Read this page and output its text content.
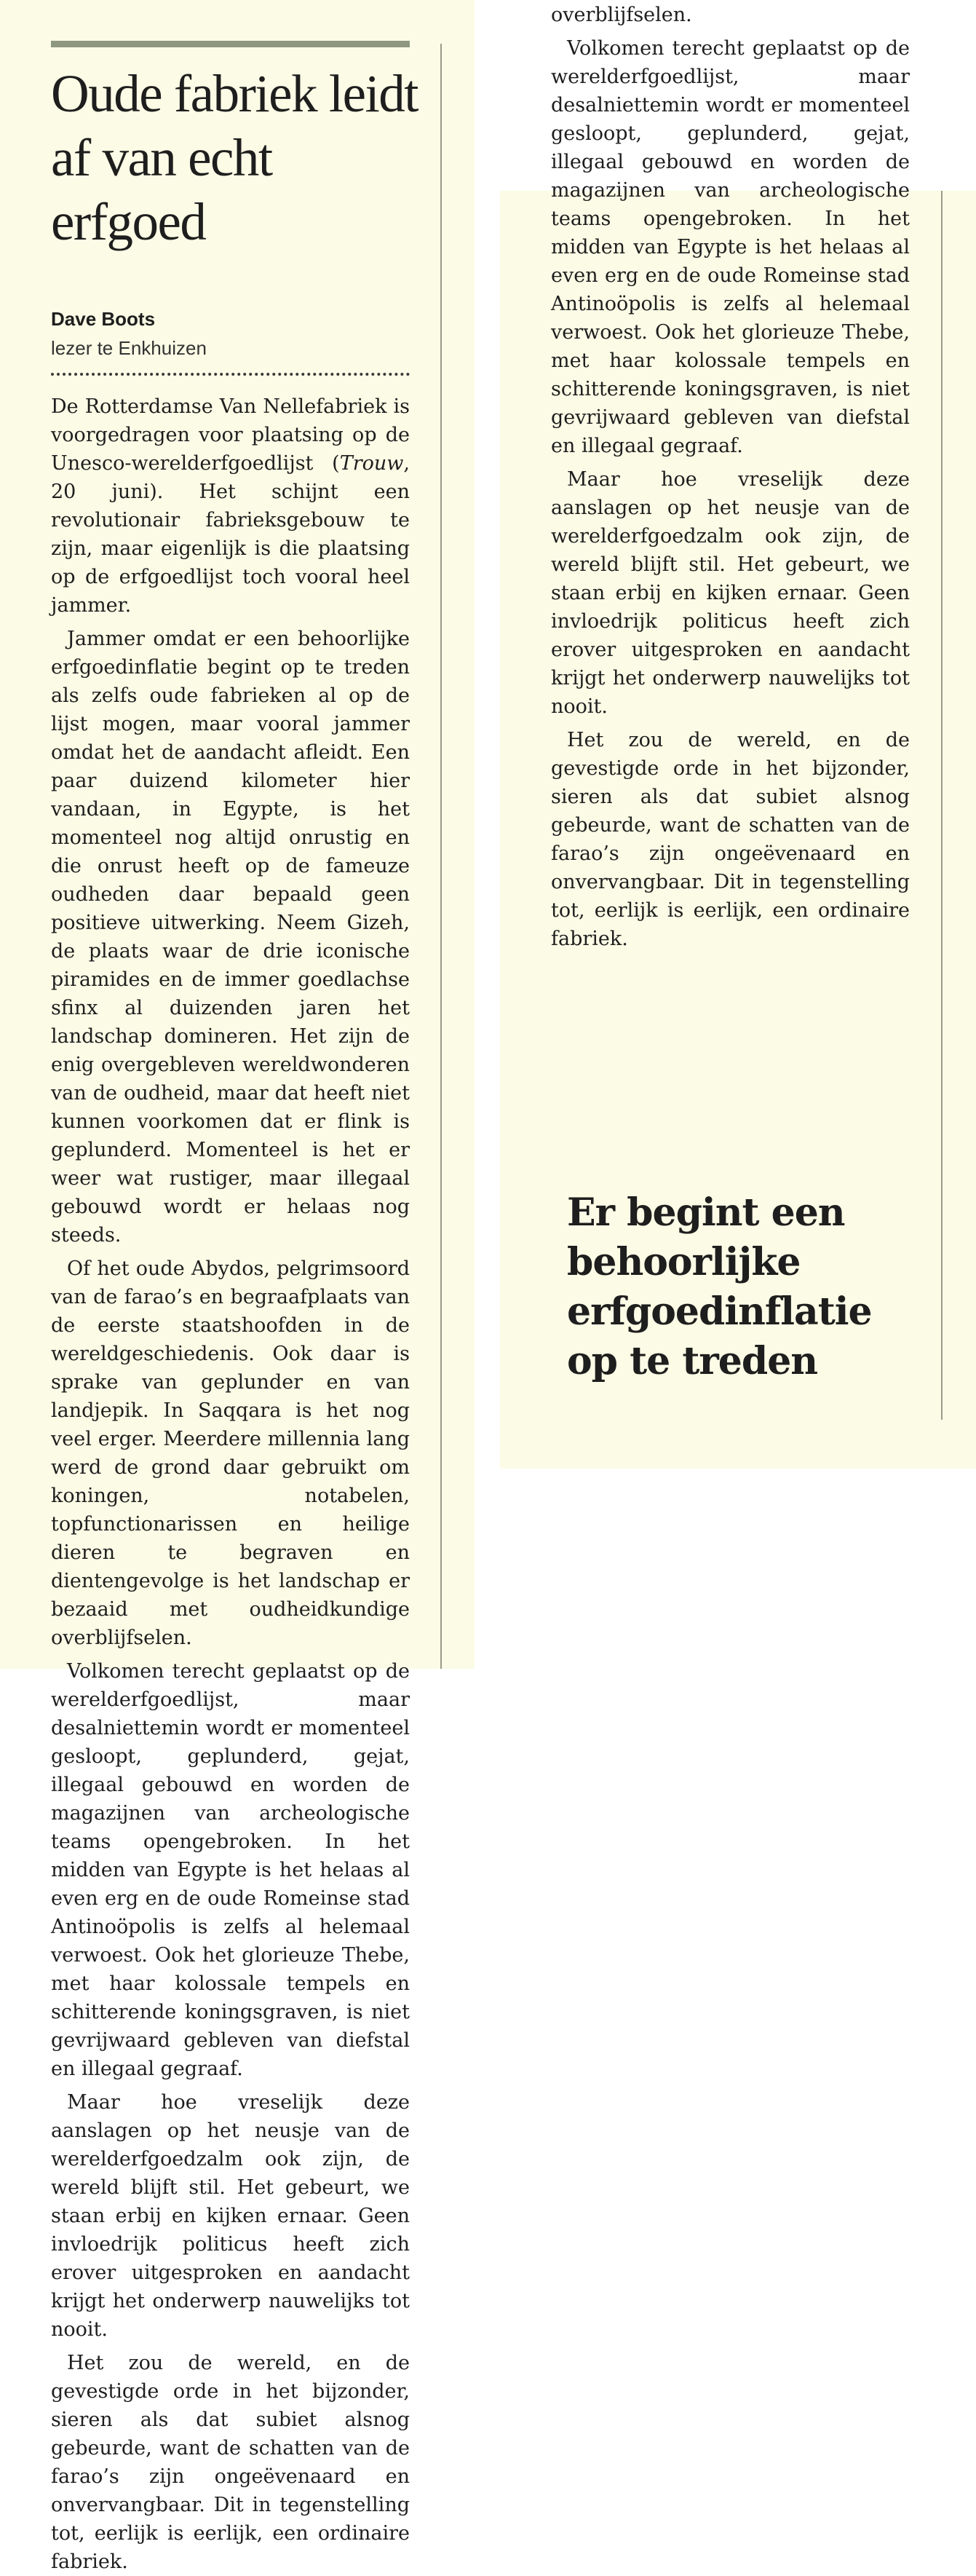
Oude fabriek leidt af van echt erfgoed
Dave Boots
lezer te Enkhuizen

De Rotterdamse Van Nellefabriek is voorgedragen voor plaatsing op de Unesco-werelderfgoedlijst (Trouw, 20 juni). Het schijnt een revolutionair fabrieksgebouw te zijn, maar eigenlijk is die plaatsing op de erfgoedlijst toch vooral heel jammer.

Jammer omdat er een behoorlijke erfgoedinflatie begint op te treden als zelfs oude fabrieken al op de lijst mogen, maar vooral jammer omdat het de aandacht afleidt. Een paar duizend kilometer hier vandaan, in Egypte, is het momenteel nog altijd onrustig en die onrust heeft op de fameuze oudheden daar bepaald geen positieve uitwerking. Neem Gizeh, de plaats waar de drie iconische piramides en de immer goedlachse sfinx al duizenden jaren het landschap domineren. Het zijn de enig overgebleven wereldwonderen van de oudheid, maar dat heeft niet kunnen voorkomen dat er flink is geplunderd. Momenteel is het er weer wat rustiger, maar illegaal gebouwd wordt er helaas nog steeds.

Of het oude Abydos, pelgrimsoord van de farao’s en begraafplaats van de eerste staatshoofden in de wereldgeschiedenis. Ook daar is sprake van geplunder en van landjepik. In Saqqara is het nog veel erger. Meerdere millennia lang werd de grond daar gebruikt om koningen, notabelen, topfunctionarissen en heilige dieren te begraven en dientengevolge is het landschap er bezaaid met oudheidkundige overblijfselen.

Volkomen terecht geplaatst op de werelderfgoedlijst, maar desalniettemin wordt er momenteel gesloopt, geplunderd, gejat, illegaal gebouwd en worden de magazijnen van archeologische teams opengebroken. In het midden van Egypte is het helaas al even erg en de oude Romeinse stad Antinoöpolis is zelfs al helemaal verwoest. Ook het glorieuze Thebe, met haar kolossale tempels en schitterende koningsgraven, is niet gevrijwaard gebleven van diefstal en illegaal gegraaf.

Maar hoe vreselijk deze aanslagen op het neusje van de werelderfgoedzalm ook zijn, de wereld blijft stil. Het gebeurt, we staan erbij en kijken ernaar. Geen invloedrijk politicus heeft zich erover uitgesproken en aandacht krijgt het onderwerp nauwelijks tot nooit.

Het zou de wereld, en de gevestigde orde in het bijzonder, sieren als dat subiet alsnog gebeurde, want de schatten van de farao’s zijn ongeëvenaard en onvervangbaar. Dit in tegenstelling tot, eerlijk is eerlijk, een ordinaire fabriek.

overblijfselen.

Volkomen terecht geplaatst op de werelderfgoedlijst, maar desalniettemin wordt er momenteel gesloopt, geplunderd, gejat, illegaal gebouwd en worden de magazijnen van archeologische teams opengebroken. In het midden van Egypte is het helaas al even erg en de oude Romeinse stad Antinoöpolis is zelfs al helemaal verwoest. Ook het glorieuze Thebe, met haar kolossale tempels en schitterende koningsgraven, is niet gevrijwaard gebleven van diefstal en illegaal gegraaf.

Maar hoe vreselijk deze aanslagen op het neusje van de werelderfgoedzalm ook zijn, de wereld blijft stil. Het gebeurt, we staan erbij en kijken ernaar. Geen invloedrijk politicus heeft zich erover uitgesproken en aandacht krijgt het onderwerp nauwelijks tot nooit.

Het zou de wereld, en de gevestigde orde in het bijzonder, sieren als dat subiet alsnog gebeurde, want de schatten van de farao’s zijn ongeëvenaard en onvervangbaar. Dit in tegenstelling tot, eerlijk is eerlijk, een ordinaire fabriek.

Er begint een behoorlijke erfgoedinflatie op te treden
